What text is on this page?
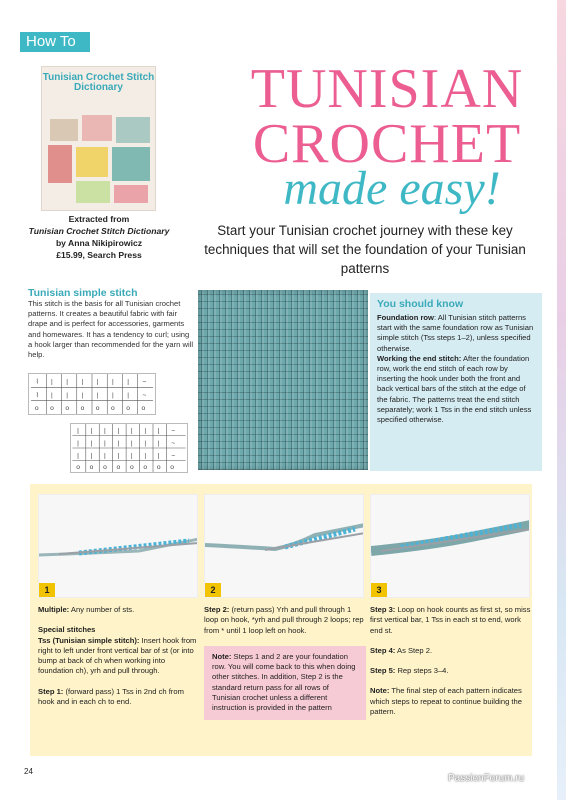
How To
Tunisian Crochet Stitch Dictionary
Extracted from
Tunisian Crochet Stitch Dictionary
by Anna Nikipirowicz
£15.99, Search Press
TUNISIAN
CROCHET
made easy!
Start your Tunisian crochet journey with these key techniques that will set the foundation of your Tunisian patterns
Tunisian simple stitch
This stitch is the basis for all Tunisian crochet patterns. It creates a beautiful fabric with fair drape and is perfect for accessories, garments and homewares. It has a tendency to curl; using a hook larger than recommended for the yarn will help.
⌇ | | | | | | ~
⌇ | | | | | | ~
o o o o o o o o
| | | | | | | ~
| | | | | | | ~
| | | | | | | ~
o o o o o o o o
You should know

Foundation row: All Tunisian stitch patterns start with the same foundation row as Tunisian simple stitch (Tss steps 1–2), unless specified otherwise.

Working the end stitch: After the foundation row, work the end stitch of each row by inserting the hook under both the front and back vertical bars of the stitch at the edge of the fabric. The patterns treat the end stitch separately; work 1 Tss in the end stitch unless specified otherwise.

1	2	3

Multiple: Any number of sts.

Special stitches

Tss (Tunisian simple stitch): Insert hook from right to left under front vertical bar of st (or into bump at back of ch when working into foundation ch), yrh and pull through.

Step 1: (forward pass) 1 Tss in 2nd ch from hook and in each ch to end.

Step 2: (return pass) Yrh and pull through 1 loop on hook, *yrh and pull through 2 loops; rep from * until 1 loop left on hook.

Note: Steps 1 and 2 are your foundation row. You will come back to this when doing other stitches. In addition, Step 2 is the standard return pass for all rows of Tunisian crochet unless a different instruction is provided in the pattern

Step 3: Loop on hook counts as first st, so miss first vertical bar, 1 Tss in each st to end, work end st.

Step 4: As Step 2.

Step 5: Rep steps 3–4.

Note: The final step of each pattern indicates which steps to repeat to continue building the pattern.

24
PassionForum.ru
